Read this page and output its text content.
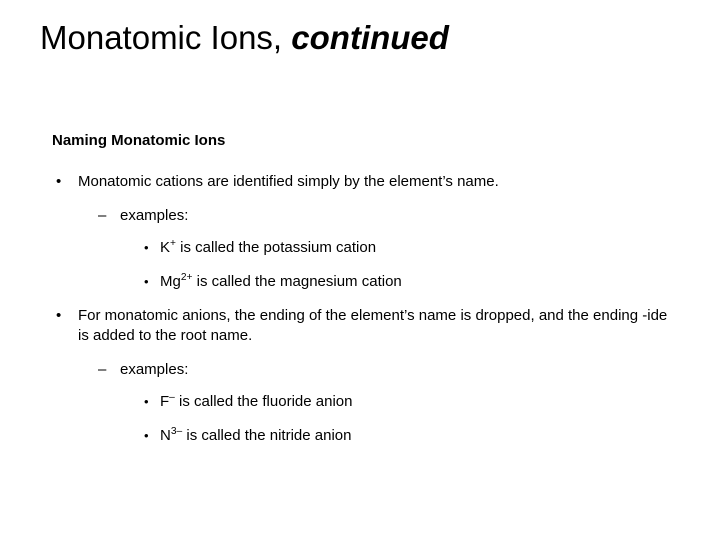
Monatomic Ions, continued
Naming Monatomic Ions
• Monatomic cations are identified simply by the element’s name.
– examples:
• K+ is called the potassium cation
• $Mg^{2+}$ is called the magnesium cation
• For monatomic anions, the ending of the element’s name is dropped, and the ending -ide is added to the root name.
– examples:
• F– is called the fluoride anion
• $N^{3-}$ is called the nitride anion
